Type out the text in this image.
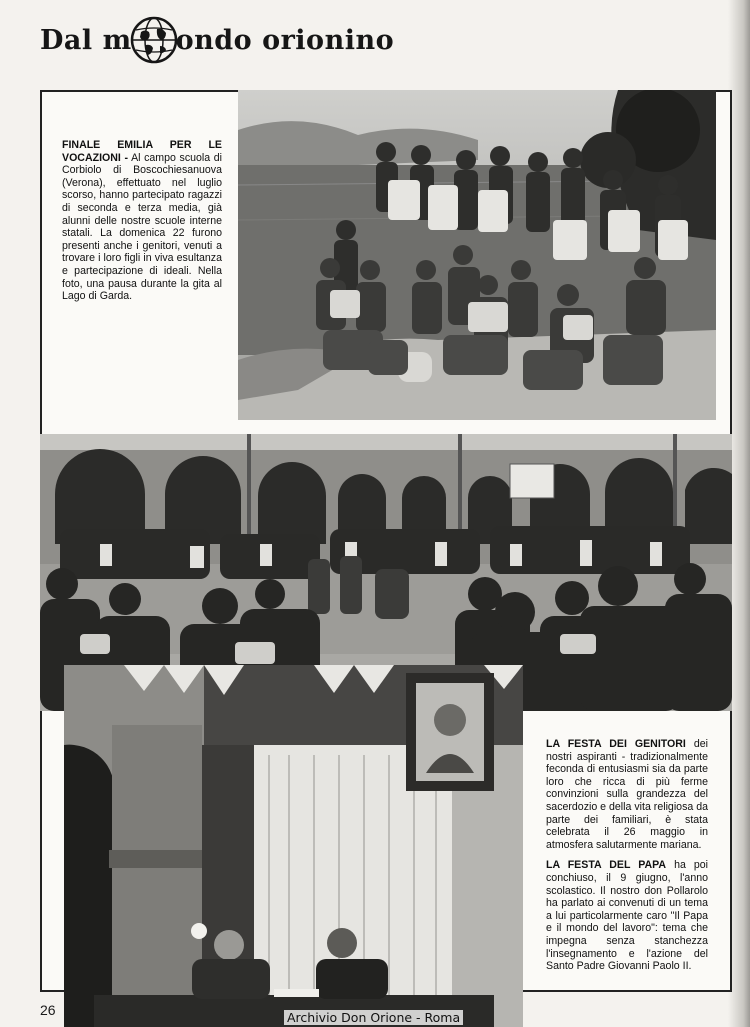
Dal m ondo orionino
FINALE EMILIA PER LE VOCAZIONI - Al campo scuola di Corbiolo di Boscochiesanuova (Verona), effettuato nel luglio scorso, hanno partecipato ragazzi di seconda e terza media, già alunni delle nostre scuole interne statali. La domenica 22 furono presenti anche i genitori, venuti a trovare i loro figli in viva esultanza e partecipazione di ideali. Nella foto, una pausa durante la gita al Lago di Garda.

LA FESTA DEI GENITORI dei nostri aspiranti - tradizionalmente feconda di entusiasmi sia da parte loro che ricca di più ferme convinzioni sulla grandezza del sacerdozio e della vita religiosa da parte dei familiari, è stata celebrata il 26 maggio in atmosfera salutarmente mariana.

LA FESTA DEL PAPA ha poi conchiuso, il 9 giugno, l'anno scolastico. Il nostro don Pollarolo ha parlato ai convenuti di un tema a lui particolarmente caro "Il Papa e il mondo del lavoro": tema che impegna senza stanchezza l'insegnamento e l'azione del Santo Padre Giovanni Paolo II.

26	Archivio Don Orione - Roma
